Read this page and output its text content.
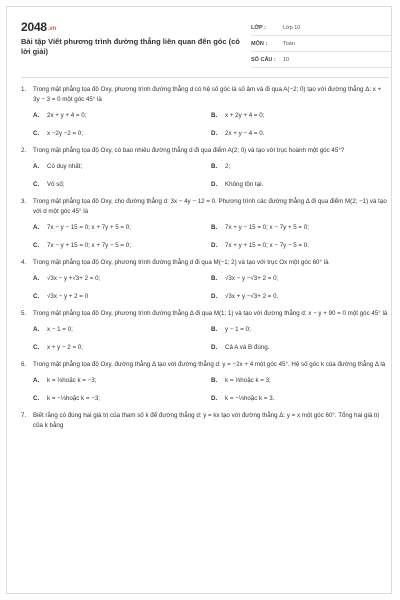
2048.vn
Bài tập Viết phương trình đường thẳng liên quan đến góc (có lời giải)
LỚP :	Lớp 10
MÔN :	Toán
SỐ CÂU : 10
1.	Trong mặt phẳng tọa độ Oxy, phương trình đường thẳng d có hệ số góc là số âm và đi qua A(−2; 0) tạo với đường thẳng Δ: x + 3y − 3 = 0 một góc 45° là
A.	2x + y + 4 = 0;	B.	x + 2y + 4 = 0;
C.	x −2y −2 = 0;	D.	2x + y − 4 = 0.
2.	Trong mặt phẳng tọa độ Oxy, có bao nhiêu đường thẳng d đi qua điểm A(2; 0) và tạo với trục hoành một góc 45°?
A.	Có duy nhất;	B.	2;
C.	Vô số;	D.	Không tồn tại.
3.	Trong mặt phẳng tọa độ Oxy, cho đường thẳng d: 3x − 4y − 12 = 0. Phương trình các đường thẳng Δ đi qua điểm M(2; −1) và tạo với d một góc 45° là
A.	7x − y − 15 = 0; x + 7y + 5 = 0;	B.	7x + y − 15 = 0; x − 7y + 5 = 0;
C.	7x − y + 15 = 0; x + 7y − 5 = 0;	D.	7x + y + 15 = 0; x − 7y − 5 = 0.
4.	Trong mặt phẳng tọa độ Oxy, phương trình đường thẳng d đi qua M(−1; 2) và tạo với trục Ox một góc 60° là
A.	√3x − y +√3+ 2 = 0;	B.	√3x − y −√3+ 2 = 0;
C.	√3x − y + 2 = 0	D.	√3x + y −√3+ 2 = 0.
5.	Trong mặt phẳng tọa độ Oxy, phương trình đường thẳng Δ đi qua M(1; 1) và tạo với đường thẳng d: x − y + 90 = 0 một góc 45° là
A.	x − 1 = 0;	B.	y − 1 = 0;
C.	x + y − 2 = 0;	D.	Cả A và B đúng.
6.	Trong mặt phẳng tọa độ Oxy, đường thẳng Δ tạo với đường thẳng d: y = −2x + 4 một góc 45°. Hệ số góc k của đường thẳng Δ là
A.	k = ⅓hoặc k = −3;	B.	k = ⅓hoặc k = 3;
C.	k = −⅓hoặc k = −3;	D.	k = −⅓hoặc k = 3.
7.	Biết rằng có đúng hai giá trị của tham số k để đường thẳng d: y = kx tạo với đường thẳng Δ: y = x một góc 60°. Tổng hai giá trị của k bằng
